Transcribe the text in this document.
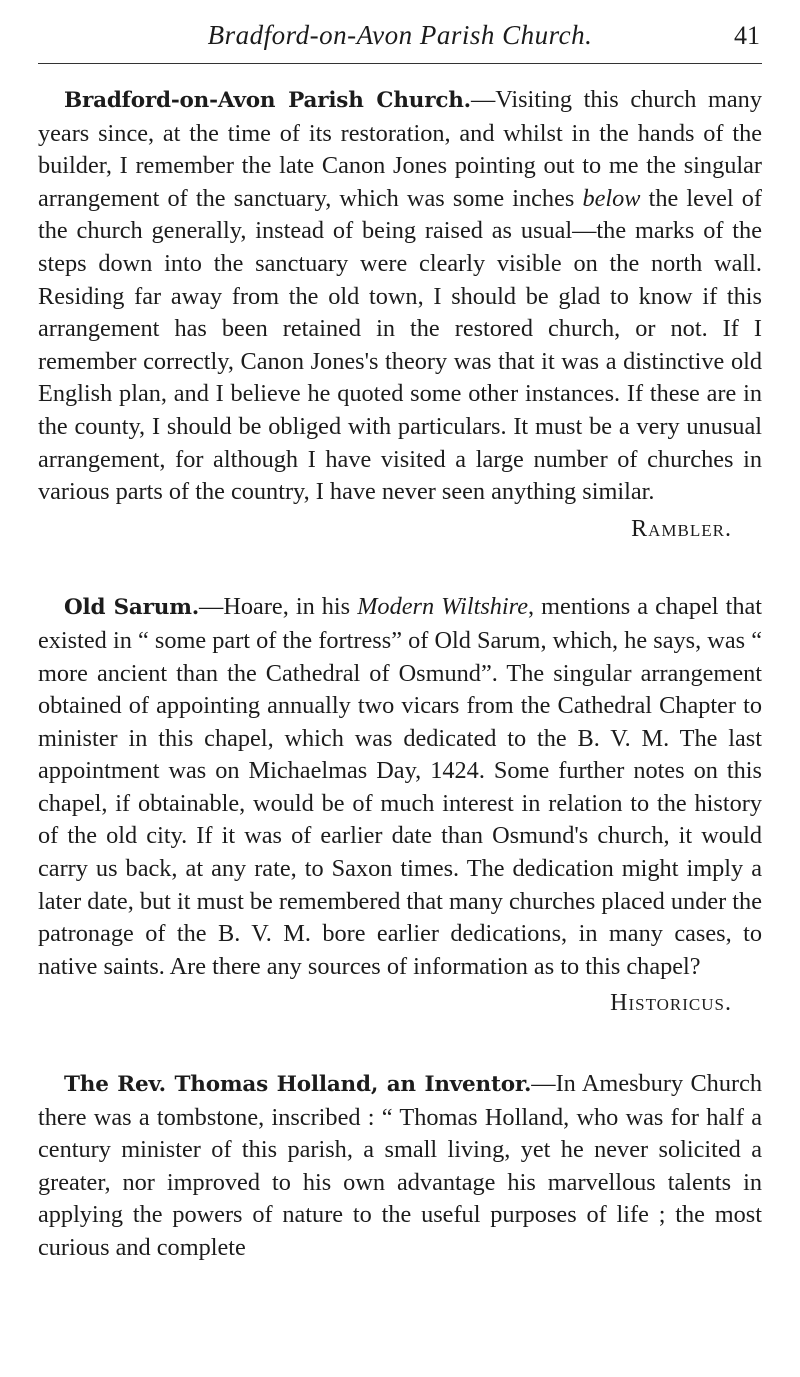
Bradford-on-Avon Parish Church.	41
Bradford-on-Avon Parish Church.—Visiting this church many years since, at the time of its restoration, and whilst in the hands of the builder, I remember the late Canon Jones pointing out to me the singular arrangement of the sanctuary, which was some inches below the level of the church generally, instead of being raised as usual—the marks of the steps down into the sanctuary were clearly visible on the north wall. Residing far away from the old town, I should be glad to know if this arrangement has been retained in the restored church, or not. If I remember correctly, Canon Jones's theory was that it was a distinctive old English plan, and I believe he quoted some other instances. If these are in the county, I should be obliged with particulars. It must be a very unusual arrangement, for although I have visited a large number of churches in various parts of the country, I have never seen anything similar.
Rambler.
Old Sarum.—Hoare, in his Modern Wiltshire, mentions a chapel that existed in “ some part of the fortress” of Old Sarum, which, he says, was “ more ancient than the Cathedral of Osmund”. The singular arrangement obtained of appointing annually two vicars from the Cathedral Chapter to minister in this chapel, which was dedicated to the B. V. M. The last appointment was on Michaelmas Day, 1424. Some further notes on this chapel, if obtainable, would be of much interest in relation to the history of the old city. If it was of earlier date than Osmund's church, it would carry us back, at any rate, to Saxon times. The dedication might imply a later date, but it must be remembered that many churches placed under the patronage of the B. V. M. bore earlier dedications, in many cases, to native saints. Are there any sources of information as to this chapel?
Historicus.
The Rev. Thomas Holland, an Inventor.—In Amesbury Church there was a tombstone, inscribed : “ Thomas Holland, who was for half a century minister of this parish, a small living, yet he never solicited a greater, nor improved to his own advantage his marvellous talents in applying the powers of nature to the useful purposes of life ; the most curious and complete
